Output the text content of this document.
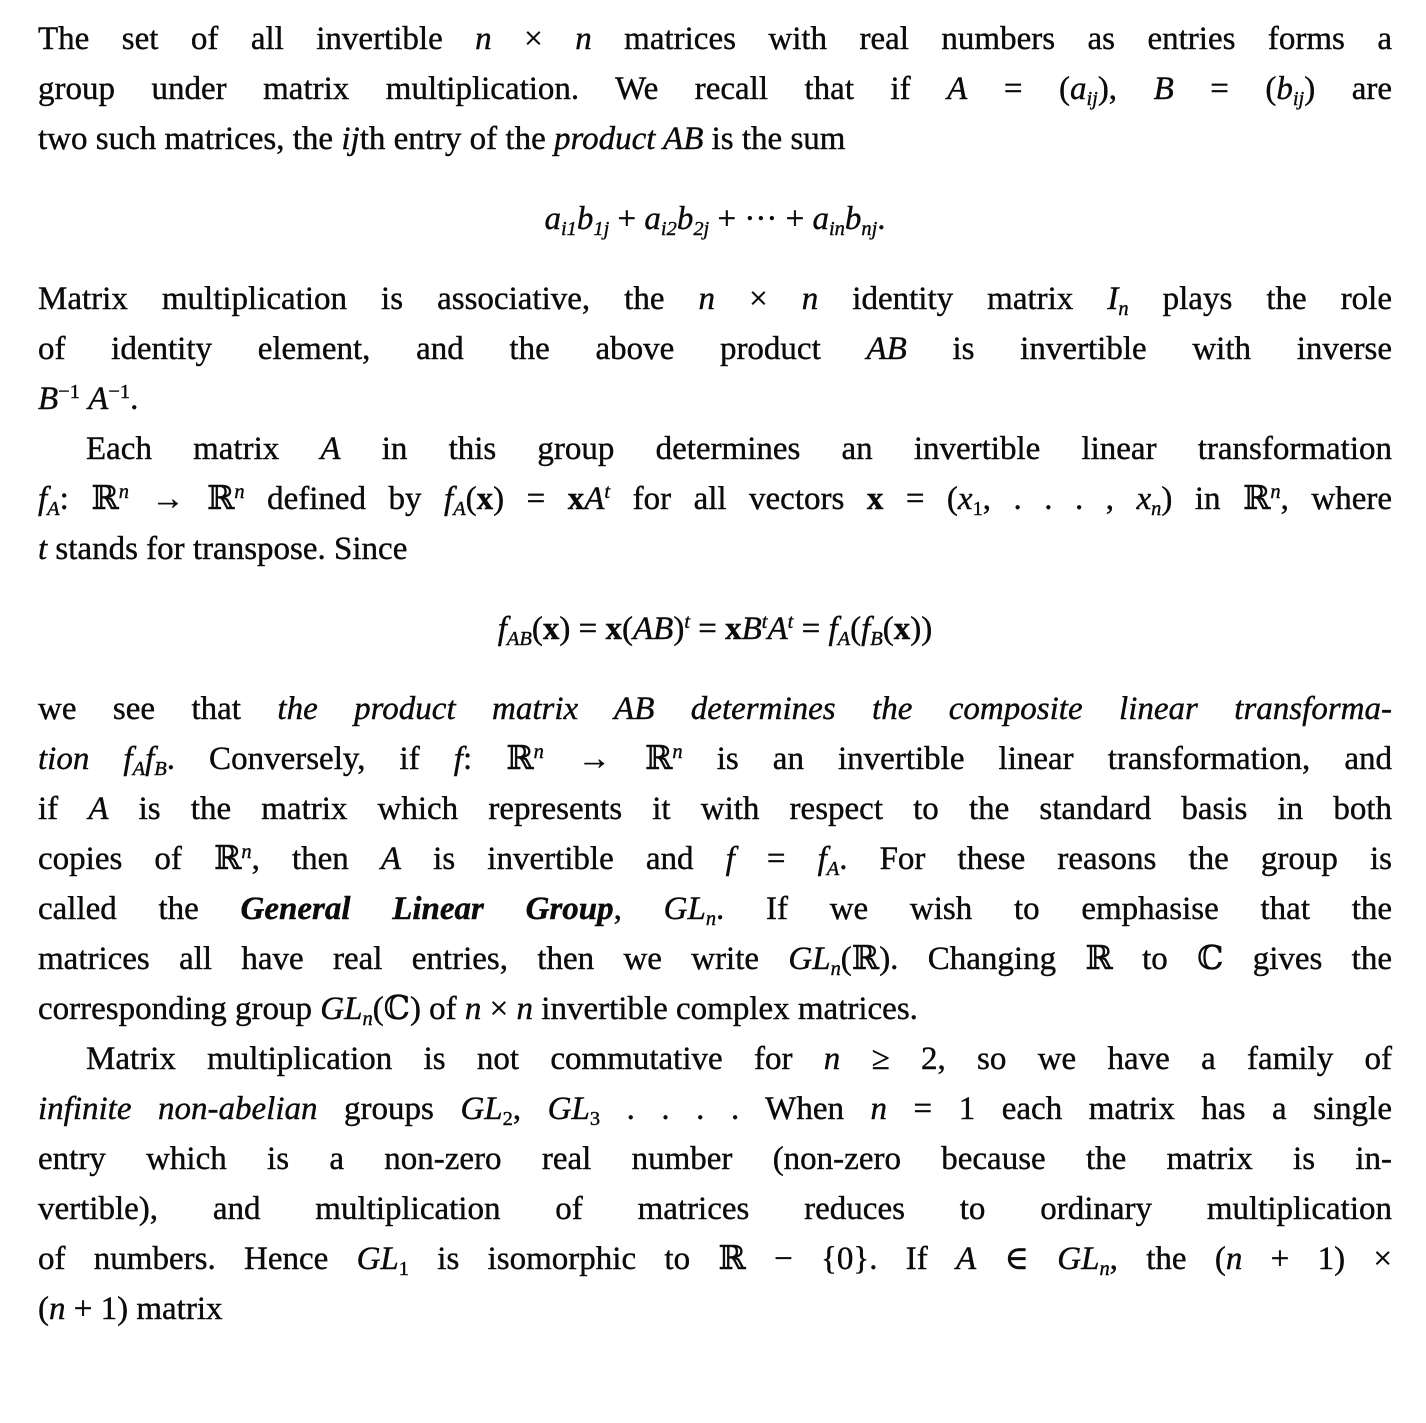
The set of all invertible n × n matrices with real numbers as entries forms a
group under matrix multiplication. We recall that if $A = (a_{ij})$, $B = (b_{ij})$ are
two such matrices, the ijth entry of the product AB is the sum
$a_{i1}b_{1j} + a_{i2}b_{2j}$ + ··· + $a_{in}b_{nj}$.
Matrix multiplication is associative, the n × n identity matrix $I_n$ plays the role
of identity element, and the above product AB is invertible with inverse
$B^{-1}$ $A^{-1}$.
Each matrix A in this group determines an invertible linear transformation
$f_A$: ℝ$^n$ → ℝ$^n$ defined by $f_A(x) = xA^t$ for all vectors $x = (x_1$, . . . , $x_n$) in ℝ$^n$, where
t stands for transpose. Since
$f_{AB}(x) = x(AB)^t = xB^tA^t = f_A(f_B(x))$
we see that the product matrix AB determines the composite linear transforma-
tion $f_Af_B$. Conversely, if f: ℝ$^n$ → ℝ$^n$ is an invertible linear transformation, and
if A is the matrix which represents it with respect to the standard basis in both
copies of ℝ$^n$, then A is invertible and $f = f_A$. For these reasons the group is
called the General Linear Group, $GL_n$. If we wish to emphasise that the
matrices all have real entries, then we write $GL_n(ℝ)$. Changing ℝ to ℂ gives the
corresponding group $GL_n(ℂ)$ of n × n invertible complex matrices.
Matrix multiplication is not commutative for n ≥ 2, so we have a family of
infinite non-abelian groups $GL_2$, $GL_3$ . . . . When n = 1 each matrix has a single
entry which is a non-zero real number (non-zero because the matrix is in-
vertible), and multiplication of matrices reduces to ordinary multiplication
of numbers. Hence $GL_1$ is isomorphic to ℝ − {0}. If A ∈ $GL_n$, the (n + 1) ×
(n + 1) matrix
